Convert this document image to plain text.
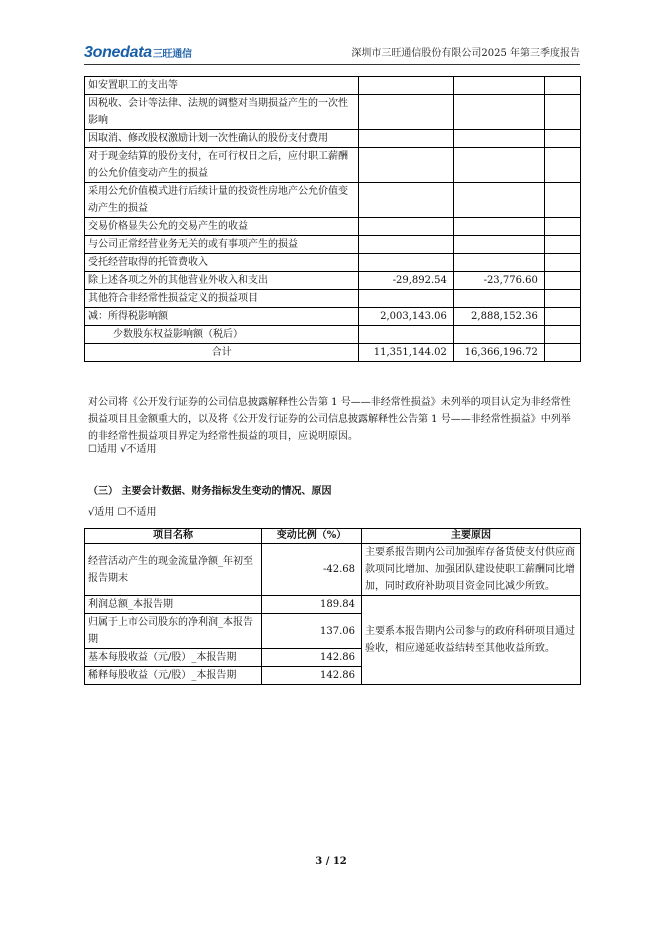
3onedata三旺通信	深圳市三旺通信股份有限公司2025 年第三季度报告
如安置职工的支出等			
因税收、会计等法律、法规的调整对当期损益产生的一次性影响			
因取消、修改股权激励计划一次性确认的股份支付费用			
对于现金结算的股份支付，在可行权日之后，应付职工薪酬的公允价值变动产生的损益			
采用公允价值模式进行后续计量的投资性房地产公允价值变动产生的损益			
交易价格显失公允的交易产生的收益			
与公司正常经营业务无关的或有事项产生的损益			
受托经营取得的托管费收入			
除上述各项之外的其他营业外收入和支出	-29,892.54	-23,776.60	
其他符合非经常性损益定义的损益项目			
减：所得税影响额	2,003,143.06	2,888,152.36	
少数股东权益影响额（税后）			
合计	11,351,144.02	16,366,196.72	
对公司将《公开发行证券的公司信息披露解释性公告第 1 号——非经常性损益》未列举的项目认定为非经常性损益项目且金额重大的，以及将《公开发行证券的公司信息披露解释性公告第 1 号——非经常性损益》中列举的非经常性损益项目界定为经常性损益的项目，应说明原因。
☐适用 √不适用
（三） 主要会计数据、财务指标发生变动的情况、原因
√适用 ☐不适用
项目名称	变动比例（%）	主要原因
经营活动产生的现金流量净额_年初至报告期末	-42.68	主要系报告期内公司加强库存备货使支付供应商款项同比增加、加强团队建设使职工薪酬同比增加，同时政府补助项目资金同比减少所致。
利润总额_本报告期	189.84	主要系本报告期内公司参与的政府科研项目通过验收，相应递延收益结转至其他收益所致。
归属于上市公司股东的净利润_本报告期	137.06	
基本每股收益（元/股）_本报告期	142.86	
稀释每股收益（元/股）_本报告期	142.86	
3 / 12
